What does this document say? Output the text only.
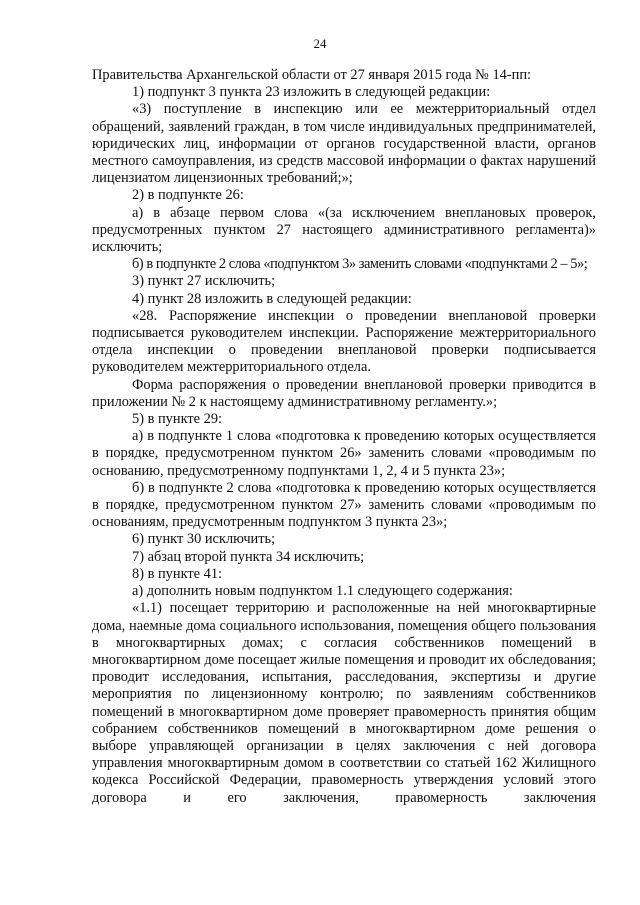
24

Правительства Архангельской области от 27 января 2015 года № 14-пп:

1) подпункт 3 пункта 23 изложить в следующей редакции:

«3) поступление в инспекцию или ее межтерриториальный отдел обращений, заявлений граждан, в том числе индивидуальных предпринимателей, юридических лиц, информации от органов государственной власти, органов местного самоуправления, из средств массовой информации о фактах нарушений лицензиатом лицензионных требований;»;

2) в подпункте 26:

а) в абзаце первом слова «(за исключением внеплановых проверок, предусмотренных пунктом 27 настоящего административного регламента)» исключить;

б) в подпункте 2 слова «подпунктом 3» заменить словами «подпунктами 2 – 5»;

3) пункт 27 исключить;

4) пункт 28 изложить в следующей редакции:

«28. Распоряжение инспекции о проведении внеплановой проверки подписывается руководителем инспекции. Распоряжение межтерриториального отдела инспекции о проведении внеплановой проверки подписывается руководителем межтерриториального отдела.

Форма распоряжения о проведении внеплановой проверки приводится в приложении № 2 к настоящему административному регламенту.»;

5) в пункте 29:

а) в подпункте 1 слова «подготовка к проведению которых осуществляется в порядке, предусмотренном пунктом 26» заменить словами «проводимым по основанию, предусмотренному подпунктами 1, 2, 4 и 5 пункта 23»;

б) в подпункте 2 слова «подготовка к проведению которых осуществляется в порядке, предусмотренном пунктом 27» заменить словами «проводимым по основаниям, предусмотренным подпунктом 3 пункта 23»;

6) пункт 30 исключить;

7) абзац второй пункта 34 исключить;

8) в пункте 41:

а) дополнить новым подпунктом 1.1 следующего содержания:

«1.1) посещает территорию и расположенные на ней многоквартирные дома, наемные дома социального использования, помещения общего пользования в многоквартирных домах; с согласия собственников помещений в многоквартирном доме посещает жилые помещения и проводит их обследования; проводит исследования, испытания, расследования, экспертизы и другие мероприятия по лицензионному контролю; по заявлениям собственников помещений в многоквартирном доме проверяет правомерность принятия общим собранием собственников помещений в многоквартирном доме решения о выборе управляющей организации в целях заключения с ней договора управления многоквартирным домом в соответствии со статьей 162 Жилищного кодекса Российской Федерации, правомерность утверждения условий этого договора и его заключения, правомерность заключения
